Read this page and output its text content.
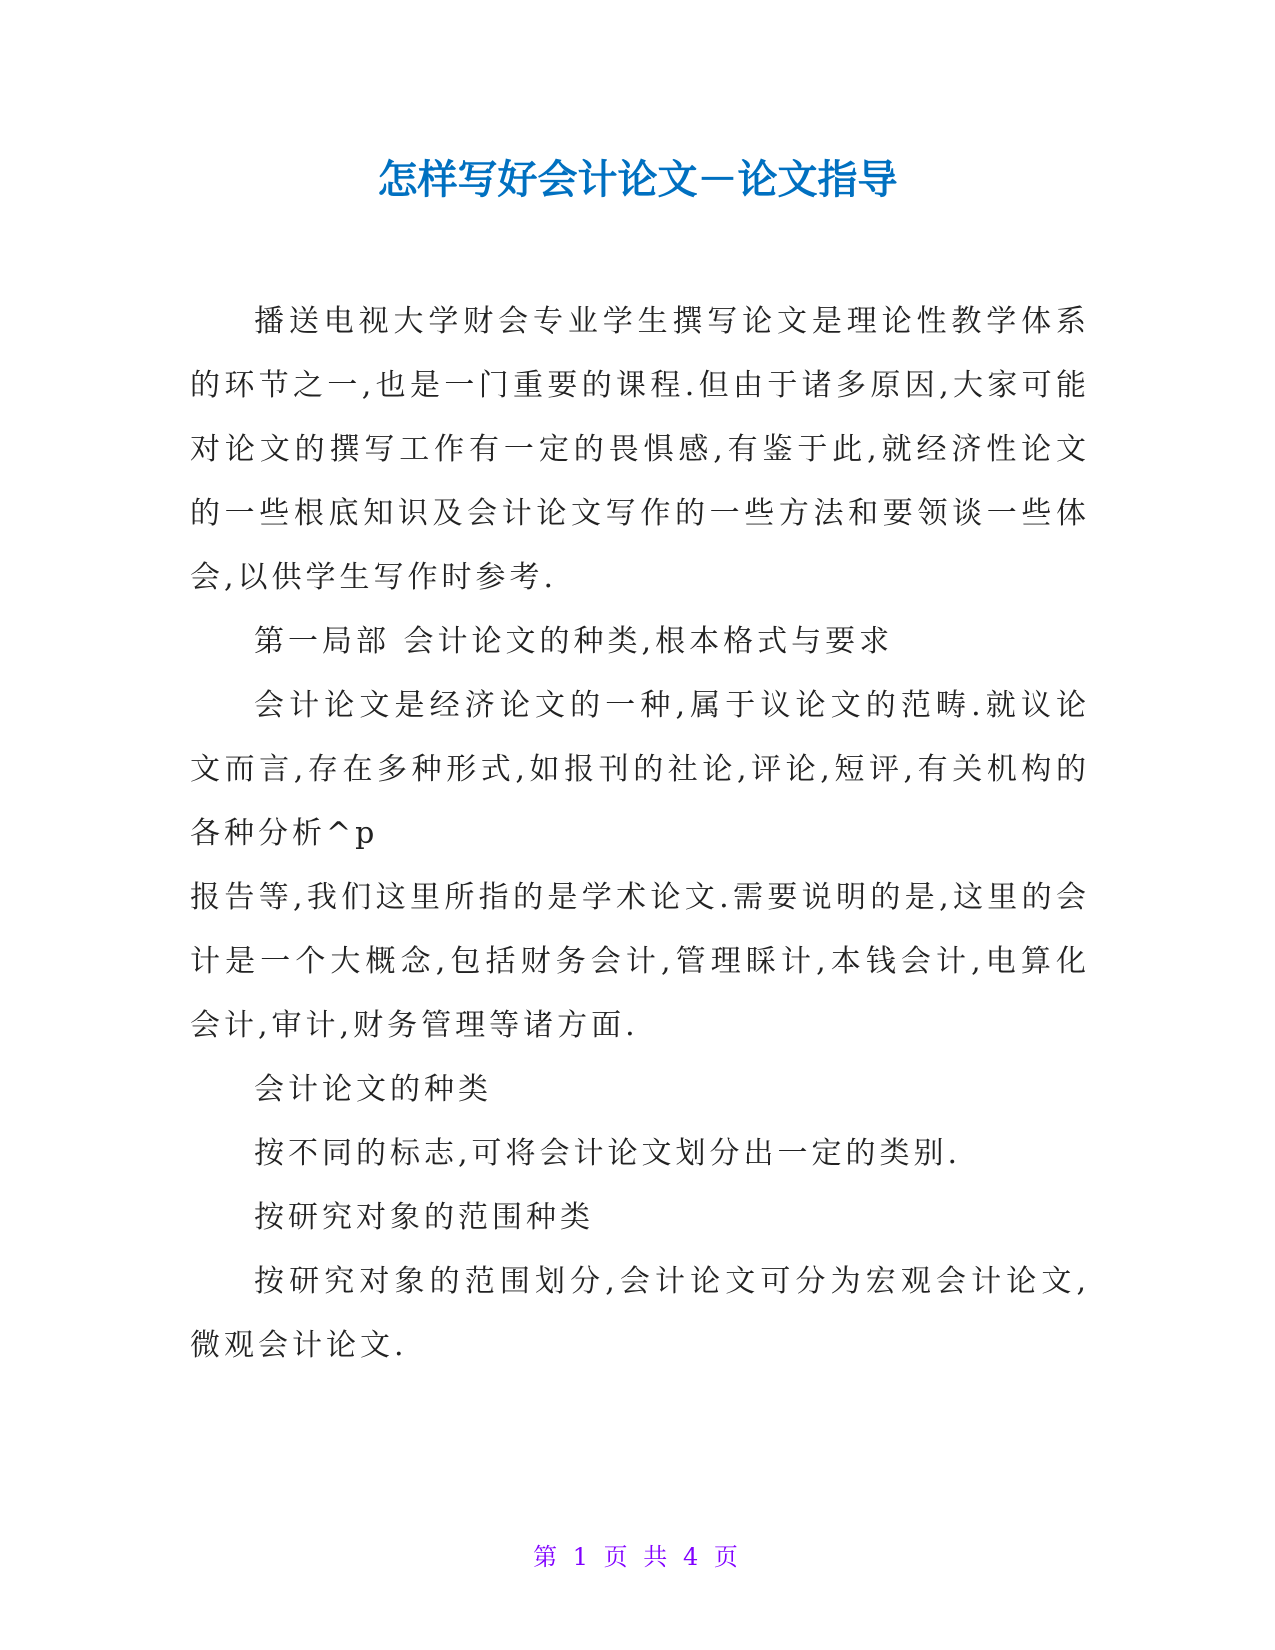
怎样写好会计论文－论文指导

播送电视大学财会专业学生撰写论文是理论性教学体系的环节之一,也是一门重要的课程.但由于诸多原因,大家可能对论文的撰写工作有一定的畏惧感,有鉴于此,就经济性论文的一些根底知识及会计论文写作的一些方法和要领谈一些体会,以供学生写作时参考.

第一局部 会计论文的种类,根本格式与要求

会计论文是经济论文的一种,属于议论文的范畴.就议论文而言,存在多种形式,如报刊的社论,评论,短评,有关机构的各种分析^p

报告等,我们这里所指的是学术论文.需要说明的是,这里的会计是一个大概念,包括财务会计,管理睬计,本钱会计,电算化会计,审计,财务管理等诸方面.

会计论文的种类

按不同的标志,可将会计论文划分出一定的类别.

按研究对象的范围种类

按研究对象的范围划分,会计论文可分为宏观会计论文,微观会计论文.

第 1 页 共 4 页
